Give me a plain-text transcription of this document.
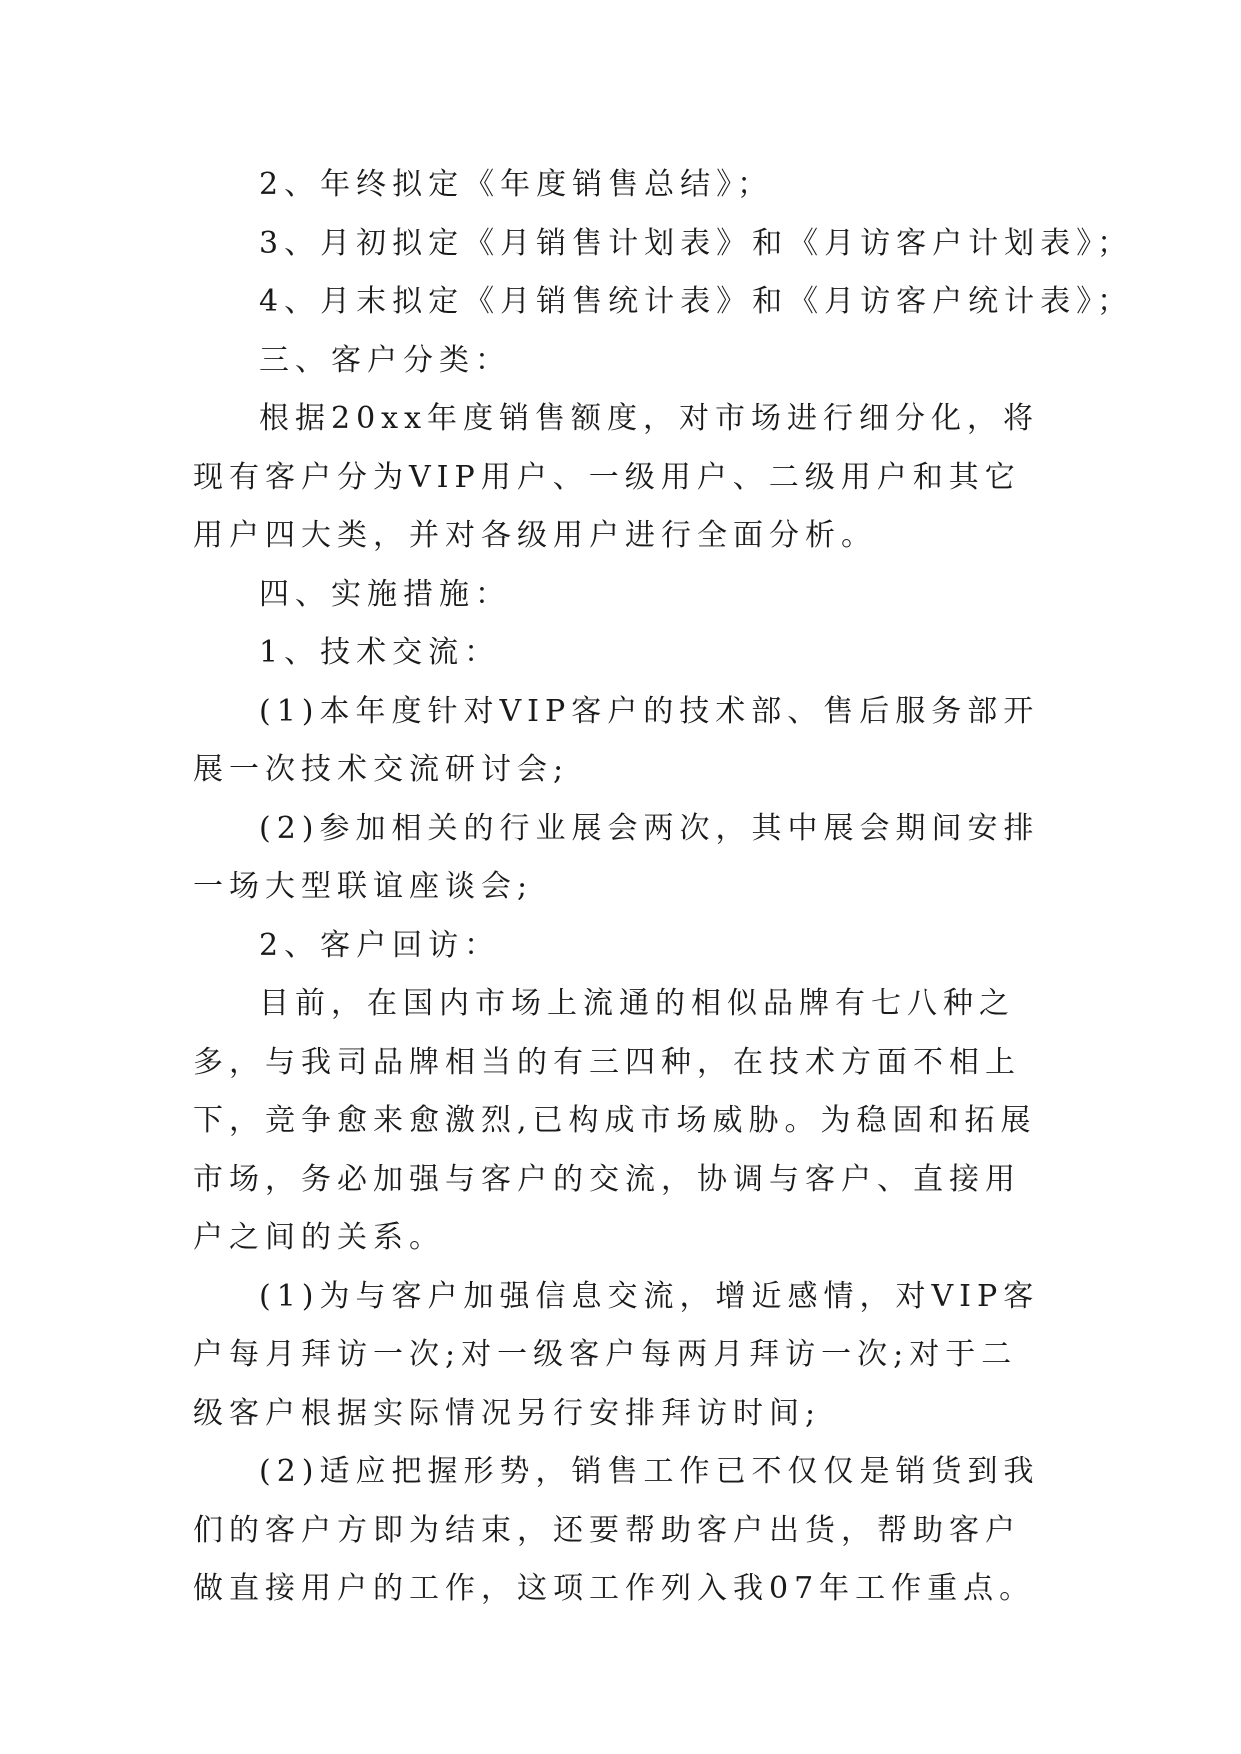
2、年终拟定《年度销售总结》；

3、月初拟定《月销售计划表》和《月访客户计划表》；

4、月末拟定《月销售统计表》和《月访客户统计表》；

三、客户分类：

根据20xx年度销售额度，对市场进行细分化，将现有客户分为VIP用户、一级用户、二级用户和其它用户四大类，并对各级用户进行全面分析。

四、实施措施：

1、技术交流：

(1)本年度针对VIP客户的技术部、售后服务部开展一次技术交流研讨会;

(2)参加相关的行业展会两次，其中展会期间安排一场大型联谊座谈会;

2、客户回访：

目前，在国内市场上流通的相似品牌有七八种之多，与我司品牌相当的有三四种，在技术方面不相上下，竞争愈来愈激烈,已构成市场威胁。为稳固和拓展市场，务必加强与客户的交流，协调与客户、直接用户之间的关系。

(1)为与客户加强信息交流，增近感情，对VIP客户每月拜访一次;对一级客户每两月拜访一次;对于二级客户根据实际情况另行安排拜访时间;

(2)适应把握形势，销售工作已不仅仅是销货到我们的客户方即为结束，还要帮助客户出货，帮助客户做直接用户的工作，这项工作列入我07年工作重点。
